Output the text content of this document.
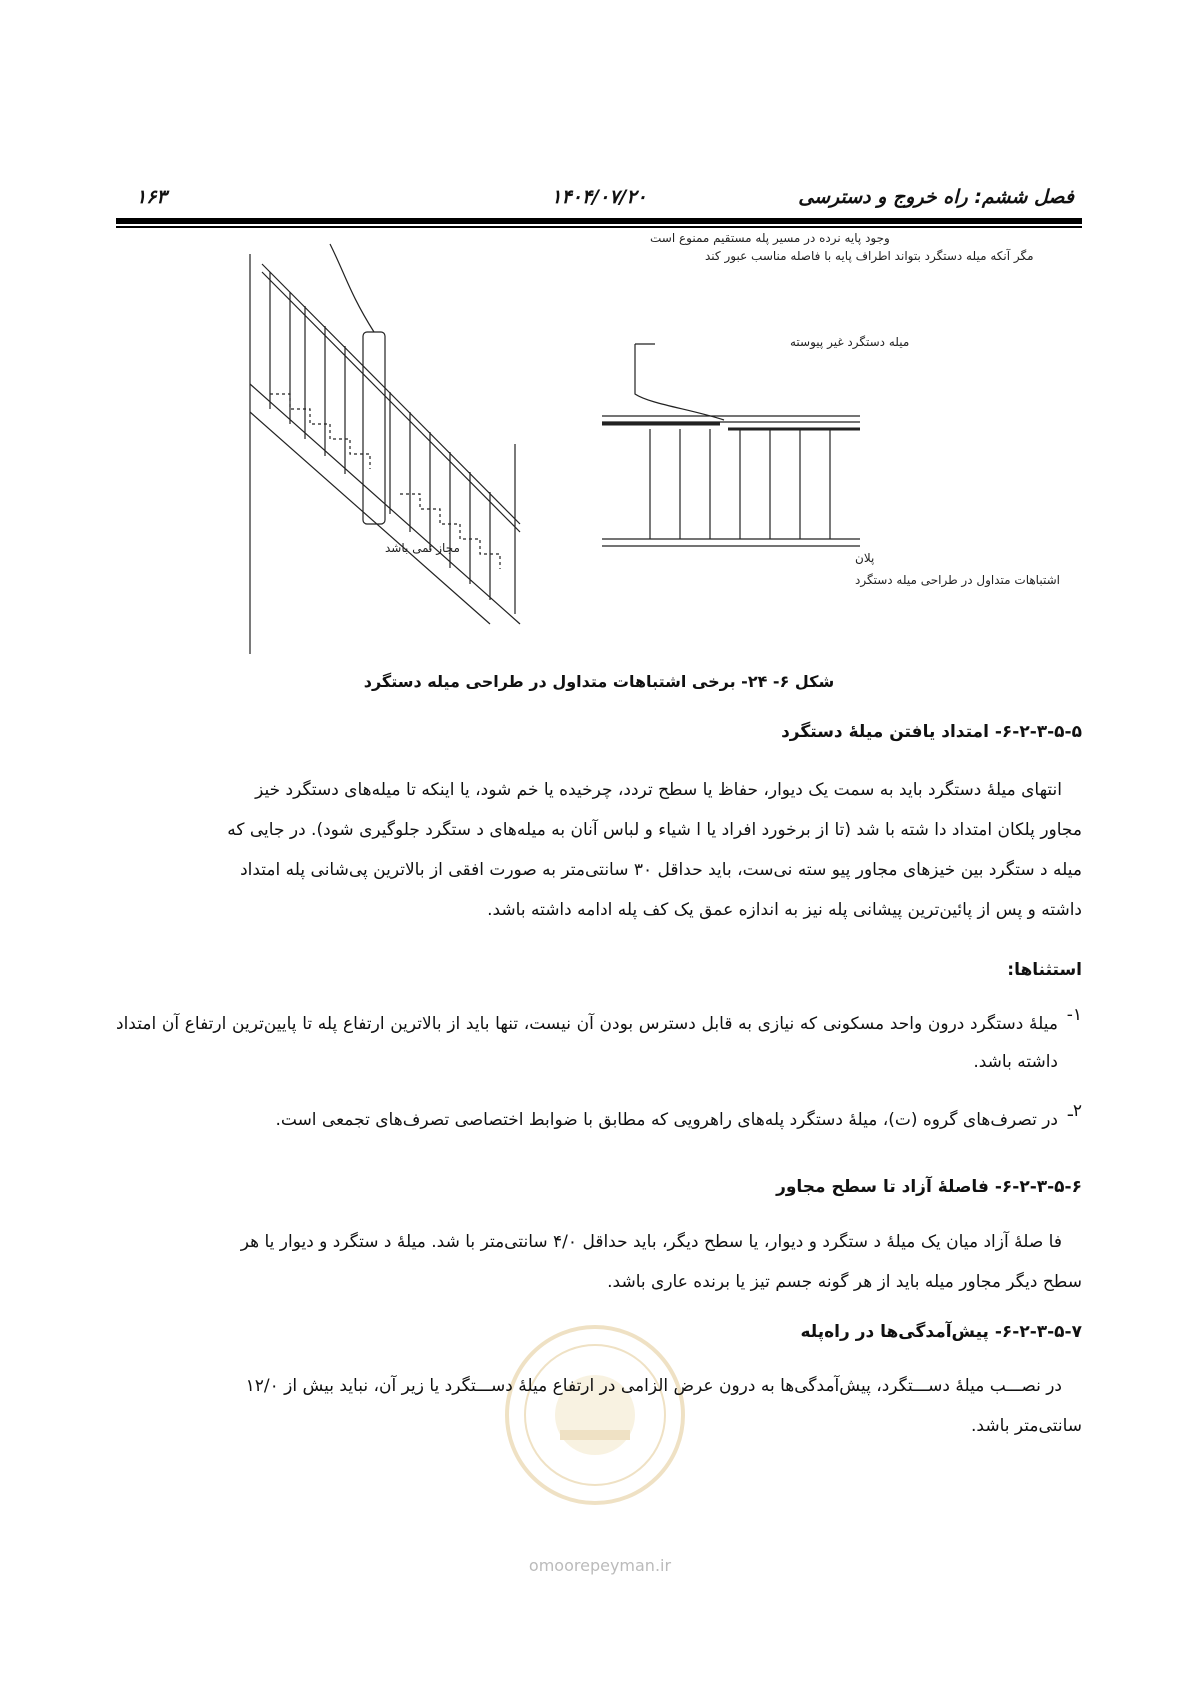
۱۶۳	۱۴۰۴/۰۷/۲۰	فصل ششم: راه خروج و دسترسی
وجود پایه نرده در مسیر پله مستقیم ممنوع است
مگر آنکه میله دستگرد بتواند اطراف پایه با فاصله مناسب عبور کند
مجاز نمی باشد
میله دستگرد غیر پیوسته
پلان
اشتباهات متداول در طراحی میله دستگرد
شکل ۶- ۲۴- برخی اشتباهات متداول در طراحی میله دستگرد
۶-۲-۳-۵-۵- امتداد یافتن میلهٔ دستگرد

انتهای میلهٔ دستگرد باید به سمت یک دیوار، حفاظ یا سطح تردد، چرخیده یا خم شود، یا اینکه تا میله‌های دستگرد خیز

مجاور پلکان امتداد دا شته با شد (تا از برخورد افراد یا ا شیاء و لباس آنان به میله‌های د ستگرد جلوگیری شود). در جایی که

میله د ستگرد بین خیزهای مجاور پیو سته نی‌ست، باید حداقل ۳۰ سانتی‌متر به صورت افقی از بالاترین پی‌شانی پله امتداد

داشته و پس از پائین‌ترین پیشانی پله نیز به اندازه عمق یک کف پله ادامه داشته باشد.

استثناها:
۱-
میلهٔ دستگرد درون واحد مسکونی که نیازی به قابل دسترس بودن آن نیست، تنها باید از بالاترین ارتفاع پله تا پایین‌ترین ارتفاع آن امتداد داشته باشد.
۲ـ
در تصرف‌های گروه (ت)، میلهٔ دستگرد پله‌های راهرویی که مطابق با ضوابط اختصاصی تصرف‌های تجمعی است.
۶-۲-۳-۵-۶- فاصلهٔ آزاد تا سطح مجاور

فا صلهٔ آزاد میان یک میلهٔ د ستگرد و دیوار، یا سطح دیگر، باید حداقل ۴/۰ سانتی‌متر با شد. میلهٔ د ستگرد و دیوار یا هر

سطح دیگر مجاور میله باید از هر گونه جسم تیز یا برنده عاری باشد.

omoorepeyman.ir
۶-۲-۳-۵-۷- پیش‌آمدگی‌ها در راه‌پله

در نصـــب میلهٔ دســـتگرد، پیش‌آمدگی‌ها به درون عرض الزامی در ارتفاع میلهٔ دســـتگرد یا زیر آن، نباید بیش از ۱۲/۰

سانتی‌متر باشد.
